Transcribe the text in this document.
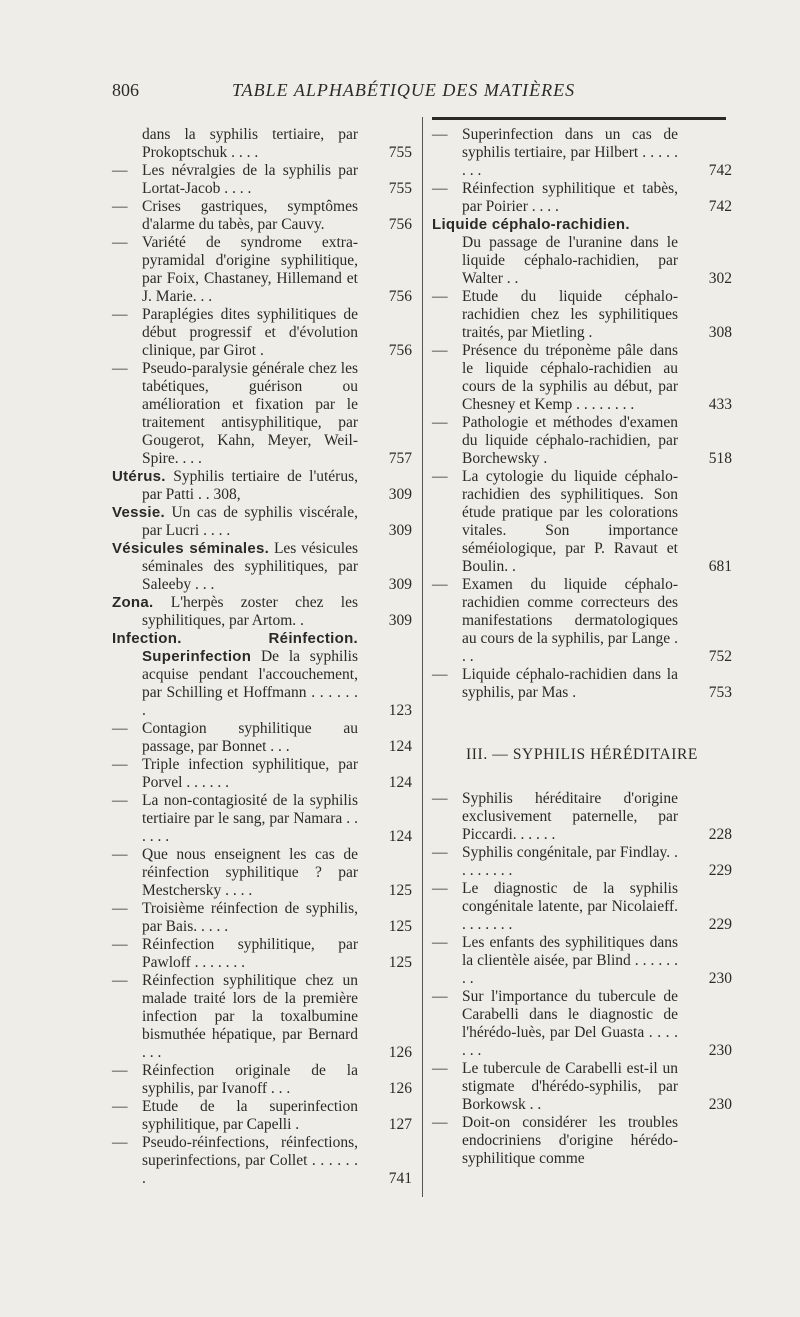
806	TABLE ALPHABÉTIQUE DES MATIÈRES
dans la syphilis tertiaire, par Prokoptschuk . . . .	755
— Les névralgies de la syphilis par Lortat-Jacob . . . .	755
— Crises gastriques, symptômes d'alarme du tabès, par Cauvy.	756
— Variété de syndrome extra-pyramidal d'origine syphilitique, par Foix, Chastaney, Hillemand et J. Marie. . .	756
— Paraplégies dites syphilitiques de début progressif et d'évolution clinique, par Girot .	756
— Pseudo-paralysie générale chez les tabétiques, guérison ou amélioration et fixation par le traitement antisyphilitique, par Gougerot, Kahn, Meyer, Weil-Spire. . . .	757
Utérus. Syphilis tertiaire de l'utérus, par Patti . . 308,	309
Vessie. Un cas de syphilis viscérale, par Lucri . . . .	309
Vésicules séminales. Les vésicules séminales des syphilitiques, par Saleeby . . .	309
Zona. L'herpès zoster chez les syphilitiques, par Artom. .	309
Infection. Réinfection. Superinfection De la syphilis acquise pendant l'accouchement, par Schilling et Hoffmann . . . . . . .	123
— Contagion syphilitique au passage, par Bonnet . . .	124
— Triple infection syphilitique, par Porvel . . . . . .	124
— La non-contagiosité de la syphilis tertiaire par le sang, par Namara . . . . . .	124
— Que nous enseignent les cas de réinfection syphilitique ? par Mestchersky . . . .	125
— Troisième réinfection de syphilis, par Bais. . . . .	125
— Réinfection syphilitique, par Pawloff . . . . . . .	125
— Réinfection syphilitique chez un malade traité lors de la première infection par la toxalbumine bismuthée hépatique, par Bernard . . .	126
— Réinfection originale de la syphilis, par Ivanoff . . .	126
— Etude de la superinfection syphilitique, par Capelli .	127
— Pseudo-réinfections, réinfections, superinfections, par Collet . . . . . . .	741
— Superinfection dans un cas de syphilis tertiaire, par Hilbert . . . . . . . .	742
— Réinfection syphilitique et tabès, par Poirier . . . .	742
Liquide céphalo-rachidien.
Du passage de l'uranine dans le liquide céphalo-rachidien, par Walter . .	302
— Etude du liquide céphalo-rachidien chez les syphilitiques traités, par Mietling .	308
— Présence du tréponème pâle dans le liquide céphalo-rachidien au cours de la syphilis au début, par Chesney et Kemp . . . . . . . .	433
— Pathologie et méthodes d'examen du liquide céphalo-rachidien, par Borchewsky .	518
— La cytologie du liquide céphalo-rachidien des syphilitiques. Son étude pratique par les colorations vitales. Son importance séméiologique, par P. Ravaut et Boulin. .	681
— Examen du liquide céphalo-rachidien comme correcteurs des manifestations dermatologiques au cours de la syphilis, par Lange . . .	752
— Liquide céphalo-rachidien dans la syphilis, par Mas .	753
III. — SYPHILIS HÉRÉDITAIRE
— Syphilis héréditaire d'origine exclusivement paternelle, par Piccardi. . . . . .	228
— Syphilis congénitale, par Findlay. . . . . . . . .	229
— Le diagnostic de la syphilis congénitale latente, par Nicolaieff. . . . . . . .	229
— Les enfants des syphilitiques dans la clientèle aisée, par Blind . . . . . . . .	230
— Sur l'importance du tubercule de Carabelli dans le diagnostic de l'hérédo-luès, par Del Guasta . . . . . . .	230
— Le tubercule de Carabelli est-il un stigmate d'hérédo-syphilis, par Borkowsk . .	230
— Doit-on considérer les troubles endocriniens d'origine hérédo-syphilitique comme
